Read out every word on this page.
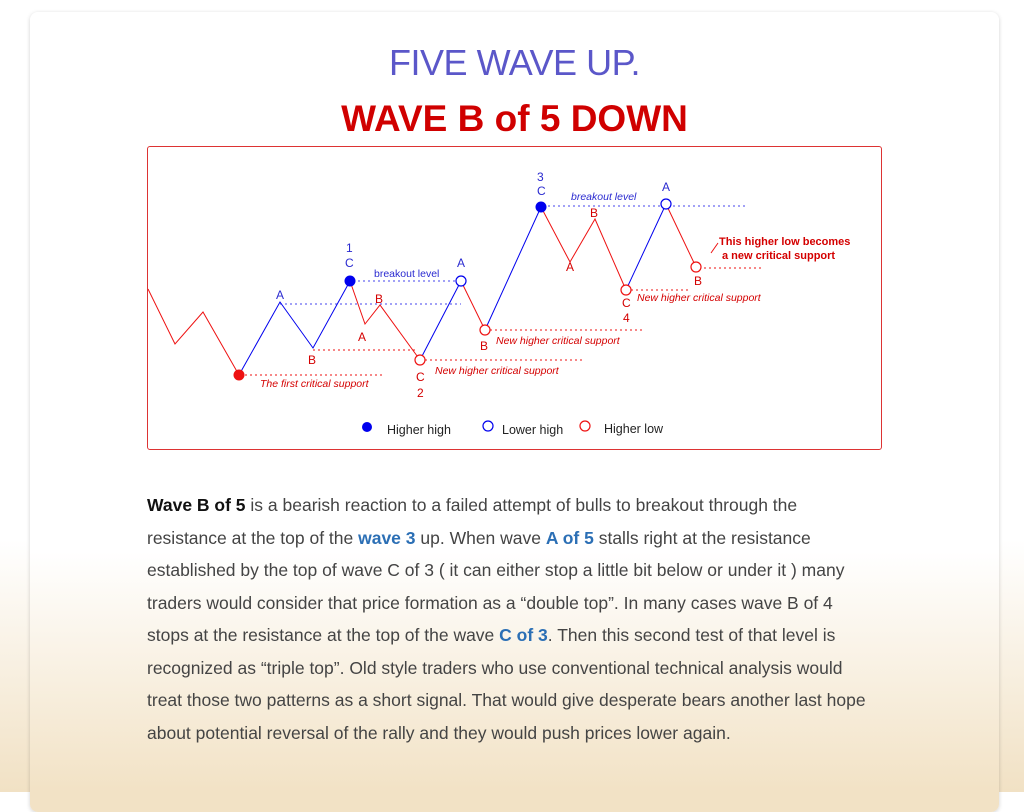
FIVE WAVE UP.
WAVE B of 5 DOWN
3
C breakout level
A
1
C
breakout level
A
A
B
A
This higher low becomes
a new critical support
C
4
New higher critical support
B
B
A
B
B New higher critical support
C
2
New higher critical support
The first critical support
Higher high	Lower high	Higher low
Wave B of 5 is a bearish reaction to a failed attempt of bulls to breakout through the resistance at the top of the wave 3 up. When wave A of 5 stalls right at the resistance established by the top of wave C of 3 ( it can either stop a little bit below or under it ) many traders would consider that price formation as a “double top”. In many cases wave B of 4 stops at the resistance at the top of the wave C of 3. Then this second test of that level is recognized as “triple top”. Old style traders who use conventional technical analysis would treat those two patterns as a short signal. That would give desperate bears another last hope about potential reversal of the rally and they would push prices lower again.
